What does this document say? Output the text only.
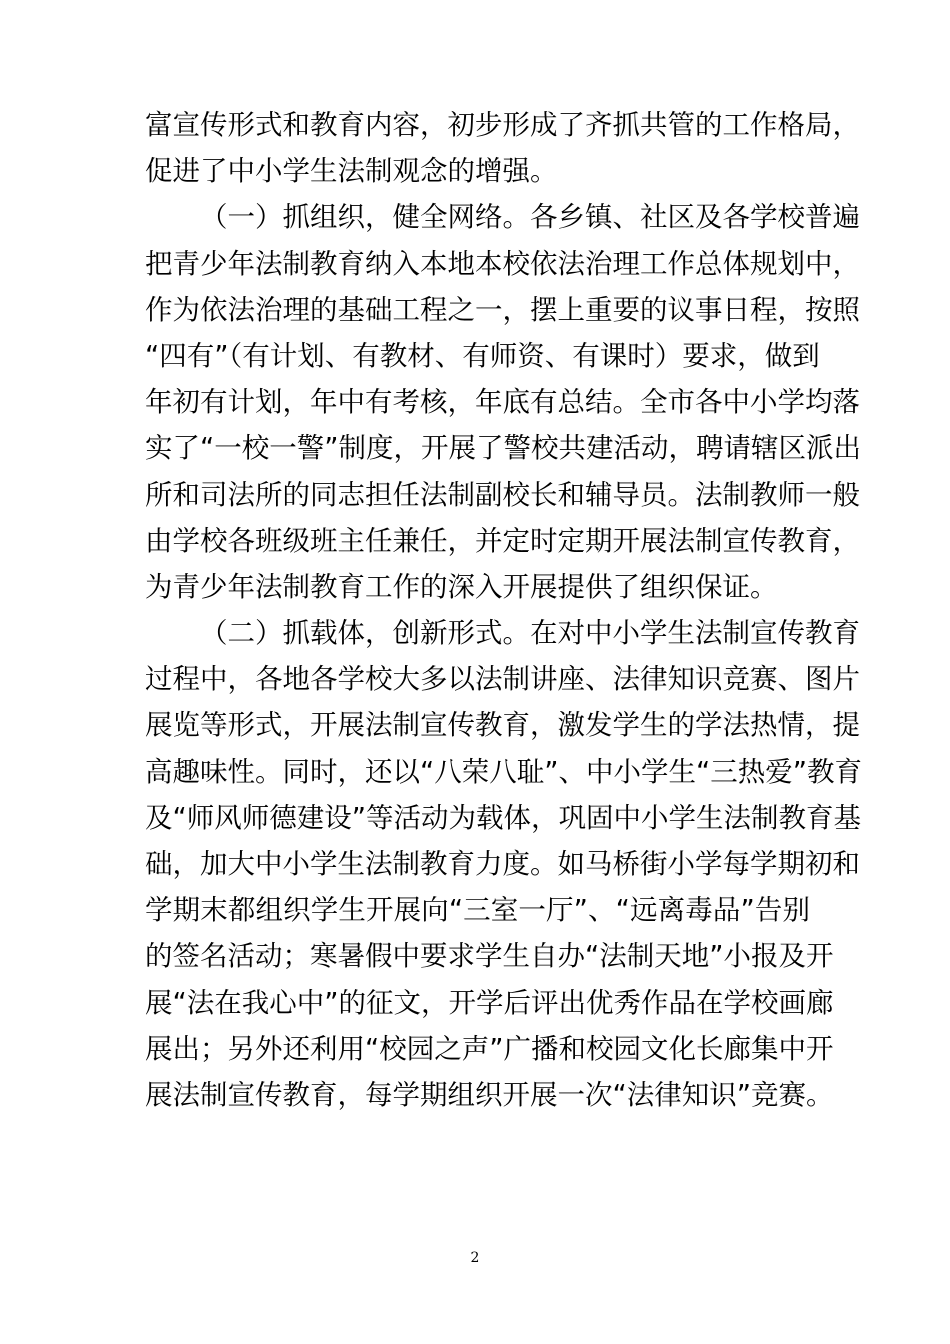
富宣传形式和教育内容，初步形成了齐抓共管的工作格局，
促进了中小学生法制观念的增强。
（一）抓组织，健全网络。各乡镇、社区及各学校普遍
把青少年法制教育纳入本地本校依法治理工作总体规划中，
作为依法治理的基础工程之一，摆上重要的议事日程，按照
“四有”（有计划、有教材、有师资、有课时）要求，做到
年初有计划，年中有考核，年底有总结。全市各中小学均落
实了“一校一警”制度，开展了警校共建活动，聘请辖区派出
所和司法所的同志担任法制副校长和辅导员。法制教师一般
由学校各班级班主任兼任，并定时定期开展法制宣传教育，
为青少年法制教育工作的深入开展提供了组织保证。
（二）抓载体，创新形式。在对中小学生法制宣传教育
过程中，各地各学校大多以法制讲座、法律知识竞赛、图片
展览等形式，开展法制宣传教育，激发学生的学法热情，提
高趣味性。同时，还以“八荣八耻”、中小学生“三热爱”教育
及“师风师德建设”等活动为载体，巩固中小学生法制教育基
础，加大中小学生法制教育力度。如马桥街小学每学期初和
学期末都组织学生开展向“三室一厅”、“远离毒品”告别
的签名活动；寒暑假中要求学生自办“法制天地”小报及开
展“法在我心中”的征文，开学后评出优秀作品在学校画廊
展出；另外还利用“校园之声”广播和校园文化长廊集中开
展法制宣传教育，每学期组织开展一次“法律知识”竞赛。
2
